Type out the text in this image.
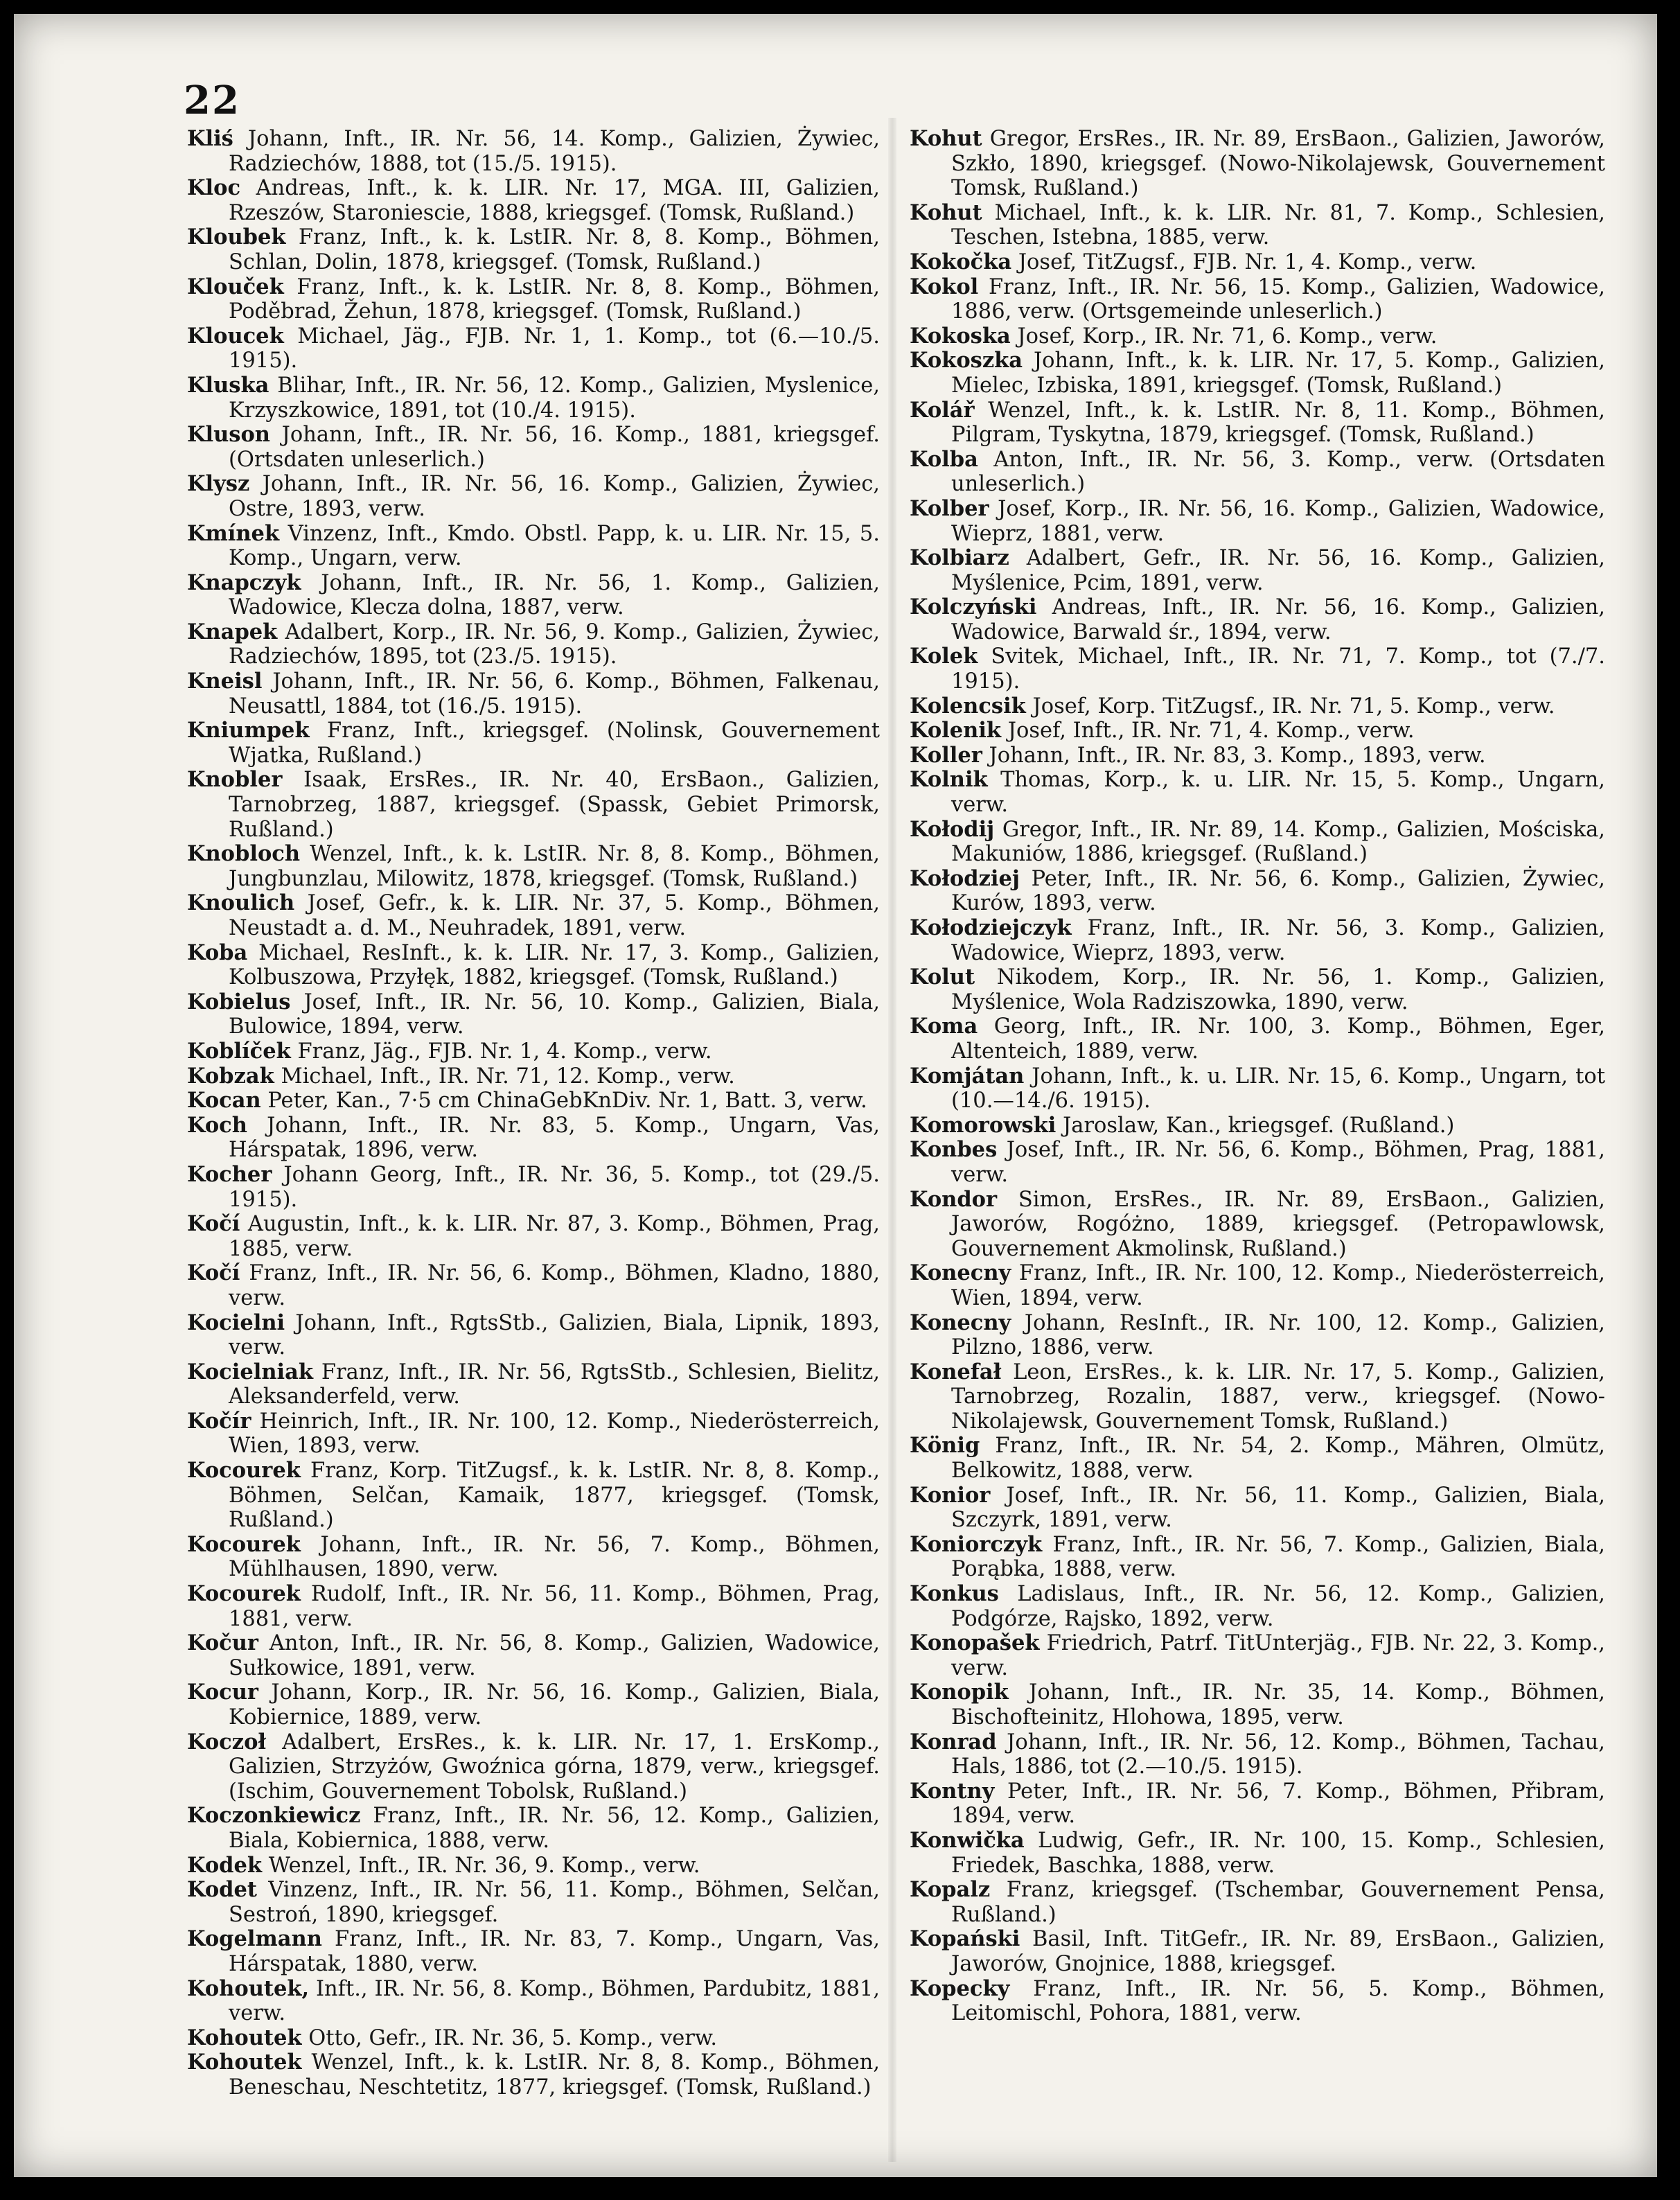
22

Kliś Johann, Inft., IR. Nr. 56, 14. Komp., Galizien, Żywiec, Radziechów, 1888, tot (15./5. 1915).

Kloc Andreas, Inft., k. k. LIR. Nr. 17, MGA. III, Galizien, Rzeszów, Staroniescie, 1888, kriegsgef. (Tomsk, Rußland.)

Kloubek Franz, Inft., k. k. LstIR. Nr. 8, 8. Komp., Böhmen, Schlan, Dolin, 1878, kriegsgef. (Tomsk, Rußland.)

Klouček Franz, Inft., k. k. LstIR. Nr. 8, 8. Komp., Böhmen, Poděbrad, Žehun, 1878, kriegsgef. (Tomsk, Rußland.)

Kloucek Michael, Jäg., FJB. Nr. 1, 1. Komp., tot (6.—10./5. 1915).

Kluska Blihar, Inft., IR. Nr. 56, 12. Komp., Galizien, Myslenice, Krzyszkowice, 1891, tot (10./4. 1915).

Kluson Johann, Inft., IR. Nr. 56, 16. Komp., 1881, kriegsgef. (Ortsdaten unleserlich.)

Klysz Johann, Inft., IR. Nr. 56, 16. Komp., Galizien, Żywiec, Ostre, 1893, verw.

Kmínek Vinzenz, Inft., Kmdo. Obstl. Papp, k. u. LIR. Nr. 15, 5. Komp., Ungarn, verw.

Knapczyk Johann, Inft., IR. Nr. 56, 1. Komp., Galizien, Wadowice, Klecza dolna, 1887, verw.

Knapek Adalbert, Korp., IR. Nr. 56, 9. Komp., Galizien, Żywiec, Radziechów, 1895, tot (23./5. 1915).

Kneisl Johann, Inft., IR. Nr. 56, 6. Komp., Böhmen, Falkenau, Neusattl, 1884, tot (16./5. 1915).

Kniumpek Franz, Inft., kriegsgef. (Nolinsk, Gouvernement Wjatka, Rußland.)

Knobler Isaak, ErsRes., IR. Nr. 40, ErsBaon., Galizien, Tarnobrzeg, 1887, kriegsgef. (Spassk, Gebiet Primorsk, Rußland.)

Knobloch Wenzel, Inft., k. k. LstIR. Nr. 8, 8. Komp., Böhmen, Jungbunzlau, Milowitz, 1878, kriegsgef. (Tomsk, Rußland.)

Knoulich Josef, Gefr., k. k. LIR. Nr. 37, 5. Komp., Böhmen, Neustadt a. d. M., Neuhradek, 1891, verw.

Koba Michael, ResInft., k. k. LIR. Nr. 17, 3. Komp., Galizien, Kolbuszowa, Przyłęk, 1882, kriegsgef. (Tomsk, Rußland.)

Kobielus Josef, Inft., IR. Nr. 56, 10. Komp., Galizien, Biala, Bulowice, 1894, verw.

Koblíček Franz, Jäg., FJB. Nr. 1, 4. Komp., verw.

Kobzak Michael, Inft., IR. Nr. 71, 12. Komp., verw.

Kocan Peter, Kan., 7·5 cm ChinaGebKnDiv. Nr. 1, Batt. 3, verw.

Koch Johann, Inft., IR. Nr. 83, 5. Komp., Ungarn, Vas, Hárspatak, 1896, verw.

Kocher Johann Georg, Inft., IR. Nr. 36, 5. Komp., tot (29./5. 1915).

Kočí Augustin, Inft., k. k. LIR. Nr. 87, 3. Komp., Böhmen, Prag, 1885, verw.

Kočí Franz, Inft., IR. Nr. 56, 6. Komp., Böhmen, Kladno, 1880, verw.

Kocielni Johann, Inft., RgtsStb., Galizien, Biala, Lipnik, 1893, verw.

Kocielniak Franz, Inft., IR. Nr. 56, RgtsStb., Schlesien, Bielitz, Aleksanderfeld, verw.

Kočír Heinrich, Inft., IR. Nr. 100, 12. Komp., Niederösterreich, Wien, 1893, verw.

Kocourek Franz, Korp. TitZugsf., k. k. LstIR. Nr. 8, 8. Komp., Böhmen, Selčan, Kamaik, 1877, kriegsgef. (Tomsk, Rußland.)

Kocourek Johann, Inft., IR. Nr. 56, 7. Komp., Böhmen, Mühlhausen, 1890, verw.

Kocourek Rudolf, Inft., IR. Nr. 56, 11. Komp., Böhmen, Prag, 1881, verw.

Kočur Anton, Inft., IR. Nr. 56, 8. Komp., Galizien, Wadowice, Sułkowice, 1891, verw.

Kocur Johann, Korp., IR. Nr. 56, 16. Komp., Galizien, Biala, Kobiernice, 1889, verw.

Koczoł Adalbert, ErsRes., k. k. LIR. Nr. 17, 1. ErsKomp., Galizien, Strzyżów, Gwoźnica górna, 1879, verw., kriegsgef. (Ischim, Gouvernement Tobolsk, Rußland.)

Koczonkiewicz Franz, Inft., IR. Nr. 56, 12. Komp., Galizien, Biala, Kobiernica, 1888, verw.

Kodek Wenzel, Inft., IR. Nr. 36, 9. Komp., verw.

Kodet Vinzenz, Inft., IR. Nr. 56, 11. Komp., Böhmen, Selčan, Sestroń, 1890, kriegsgef.

Kogelmann Franz, Inft., IR. Nr. 83, 7. Komp., Ungarn, Vas, Hárspatak, 1880, verw.

Kohoutek, Inft., IR. Nr. 56, 8. Komp., Böhmen, Pardubitz, 1881, verw.

Kohoutek Otto, Gefr., IR. Nr. 36, 5. Komp., verw.

Kohoutek Wenzel, Inft., k. k. LstIR. Nr. 8, 8. Komp., Böhmen, Beneschau, Neschtetitz, 1877, kriegsgef. (Tomsk, Rußland.)

Kohut Gregor, ErsRes., IR. Nr. 89, ErsBaon., Galizien, Jaworów, Szkło, 1890, kriegsgef. (Nowo-Nikolajewsk, Gouvernement Tomsk, Rußland.)

Kohut Michael, Inft., k. k. LIR. Nr. 81, 7. Komp., Schlesien, Teschen, Istebna, 1885, verw.

Kokočka Josef, TitZugsf., FJB. Nr. 1, 4. Komp., verw.

Kokol Franz, Inft., IR. Nr. 56, 15. Komp., Galizien, Wadowice, 1886, verw. (Ortsgemeinde unleserlich.)

Kokoska Josef, Korp., IR. Nr. 71, 6. Komp., verw.

Kokoszka Johann, Inft., k. k. LIR. Nr. 17, 5. Komp., Galizien, Mielec, Izbiska, 1891, kriegsgef. (Tomsk, Rußland.)

Kolář Wenzel, Inft., k. k. LstIR. Nr. 8, 11. Komp., Böhmen, Pilgram, Tyskytna, 1879, kriegsgef. (Tomsk, Rußland.)

Kolba Anton, Inft., IR. Nr. 56, 3. Komp., verw. (Ortsdaten unleserlich.)

Kolber Josef, Korp., IR. Nr. 56, 16. Komp., Galizien, Wadowice, Wieprz, 1881, verw.

Kolbiarz Adalbert, Gefr., IR. Nr. 56, 16. Komp., Galizien, Myślenice, Pcim, 1891, verw.

Kolczyński Andreas, Inft., IR. Nr. 56, 16. Komp., Galizien, Wadowice, Barwald śr., 1894, verw.

Kolek Svitek, Michael, Inft., IR. Nr. 71, 7. Komp., tot (7./7. 1915).

Kolencsik Josef, Korp. TitZugsf., IR. Nr. 71, 5. Komp., verw.

Kolenik Josef, Inft., IR. Nr. 71, 4. Komp., verw.

Koller Johann, Inft., IR. Nr. 83, 3. Komp., 1893, verw.

Kolnik Thomas, Korp., k. u. LIR. Nr. 15, 5. Komp., Ungarn, verw.

Kołodij Gregor, Inft., IR. Nr. 89, 14. Komp., Galizien, Mościska, Makuniów, 1886, kriegsgef. (Rußland.)

Kołodziej Peter, Inft., IR. Nr. 56, 6. Komp., Galizien, Żywiec, Kurów, 1893, verw.

Kołodziejczyk Franz, Inft., IR. Nr. 56, 3. Komp., Galizien, Wadowice, Wieprz, 1893, verw.

Kolut Nikodem, Korp., IR. Nr. 56, 1. Komp., Galizien, Myślenice, Wola Radziszowka, 1890, verw.

Koma Georg, Inft., IR. Nr. 100, 3. Komp., Böhmen, Eger, Altenteich, 1889, verw.

Komjátan Johann, Inft., k. u. LIR. Nr. 15, 6. Komp., Ungarn, tot (10.—14./6. 1915).

Komorowski Jaroslaw, Kan., kriegsgef. (Rußland.)

Konbes Josef, Inft., IR. Nr. 56, 6. Komp., Böhmen, Prag, 1881, verw.

Kondor Simon, ErsRes., IR. Nr. 89, ErsBaon., Galizien, Jaworów, Rogóżno, 1889, kriegsgef. (Petropawlowsk, Gouvernement Akmolinsk, Rußland.)

Konecny Franz, Inft., IR. Nr. 100, 12. Komp., Niederösterreich, Wien, 1894, verw.

Konecny Johann, ResInft., IR. Nr. 100, 12. Komp., Galizien, Pilzno, 1886, verw.

Konefał Leon, ErsRes., k. k. LIR. Nr. 17, 5. Komp., Galizien, Tarnobrzeg, Rozalin, 1887, verw., kriegsgef. (Nowo-Nikolajewsk, Gouvernement Tomsk, Rußland.)

König Franz, Inft., IR. Nr. 54, 2. Komp., Mähren, Olmütz, Belkowitz, 1888, verw.

Konior Josef, Inft., IR. Nr. 56, 11. Komp., Galizien, Biala, Szczyrk, 1891, verw.

Koniorczyk Franz, Inft., IR. Nr. 56, 7. Komp., Galizien, Biala, Porąbka, 1888, verw.

Konkus Ladislaus, Inft., IR. Nr. 56, 12. Komp., Galizien, Podgórze, Rajsko, 1892, verw.

Konopašek Friedrich, Patrf. TitUnterjäg., FJB. Nr. 22, 3. Komp., verw.

Konopik Johann, Inft., IR. Nr. 35, 14. Komp., Böhmen, Bischofteinitz, Hlohowa, 1895, verw.

Konrad Johann, Inft., IR. Nr. 56, 12. Komp., Böhmen, Tachau, Hals, 1886, tot (2.—10./5. 1915).

Kontny Peter, Inft., IR. Nr. 56, 7. Komp., Böhmen, Přibram, 1894, verw.

Konwička Ludwig, Gefr., IR. Nr. 100, 15. Komp., Schlesien, Friedek, Baschka, 1888, verw.

Kopalz Franz, kriegsgef. (Tschembar, Gouvernement Pensa, Rußland.)

Kopański Basil, Inft. TitGefr., IR. Nr. 89, ErsBaon., Galizien, Jaworów, Gnojnice, 1888, kriegsgef.

Kopecky Franz, Inft., IR. Nr. 56, 5. Komp., Böhmen, Leitomischl, Pohora, 1881, verw.
